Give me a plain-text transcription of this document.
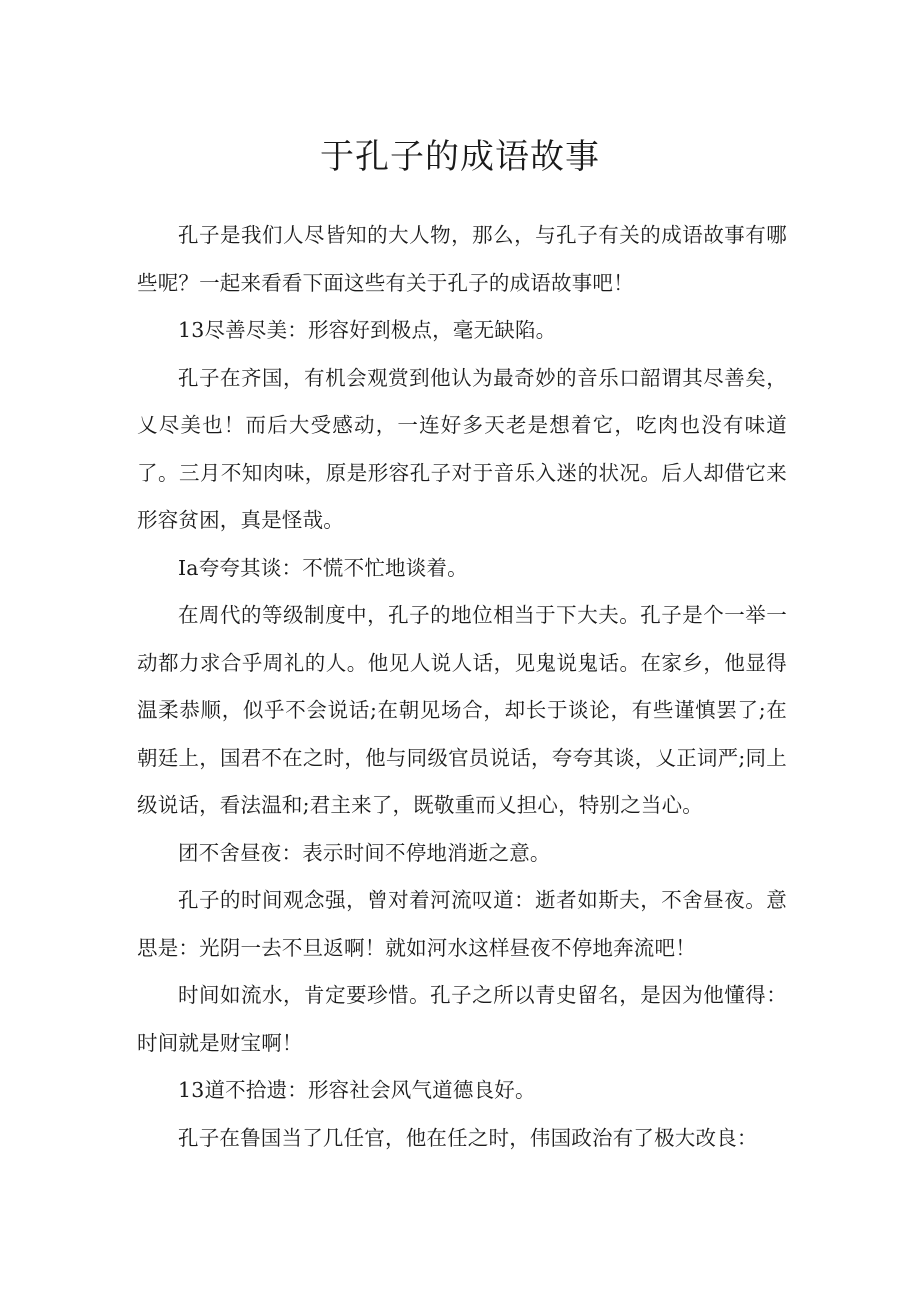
于孔子的成语故事

孔子是我们人尽皆知的大人物，那么，与孔子有关的成语故事有哪些呢？一起来看看下面这些有关于孔子的成语故事吧！

13尽善尽美：形容好到极点，毫无缺陷。

孔子在齐国，有机会观赏到他认为最奇妙的音乐口韶谓其尽善矣，乂尽美也！而后大受感动，一连好多天老是想着它，吃肉也没有味道了。三月不知肉味，原是形容孔子对于音乐入迷的状况。后人却借它来形容贫困，真是怪哉。

Ia夸夸其谈：不慌不忙地谈着。

在周代的等级制度中，孔子的地位相当于下大夫。孔子是个一举一动都力求合乎周礼的人。他见人说人话，见鬼说鬼话。在家乡，他显得温柔恭顺，似乎不会说话;在朝见场合，却长于谈论，有些谨慎罢了;在朝廷上，国君不在之时，他与同级官员说话，夸夸其谈，乂正词严;同上级说话，看法温和;君主来了，既敬重而乂担心，特别之当心。

团不舍昼夜：表示时间不停地消逝之意。

孔子的时间观念强，曾对着河流叹道：逝者如斯夫，不舍昼夜。意思是：光阴一去不旦返啊！就如河水这样昼夜不停地奔流吧！

时间如流水，肯定要珍惜。孔子之所以青史留名，是因为他懂得：时间就是财宝啊！

13道不拾遗：形容社会风气道德良好。

孔子在鲁国当了几任官，他在任之时，伟国政治有了极大改良：
